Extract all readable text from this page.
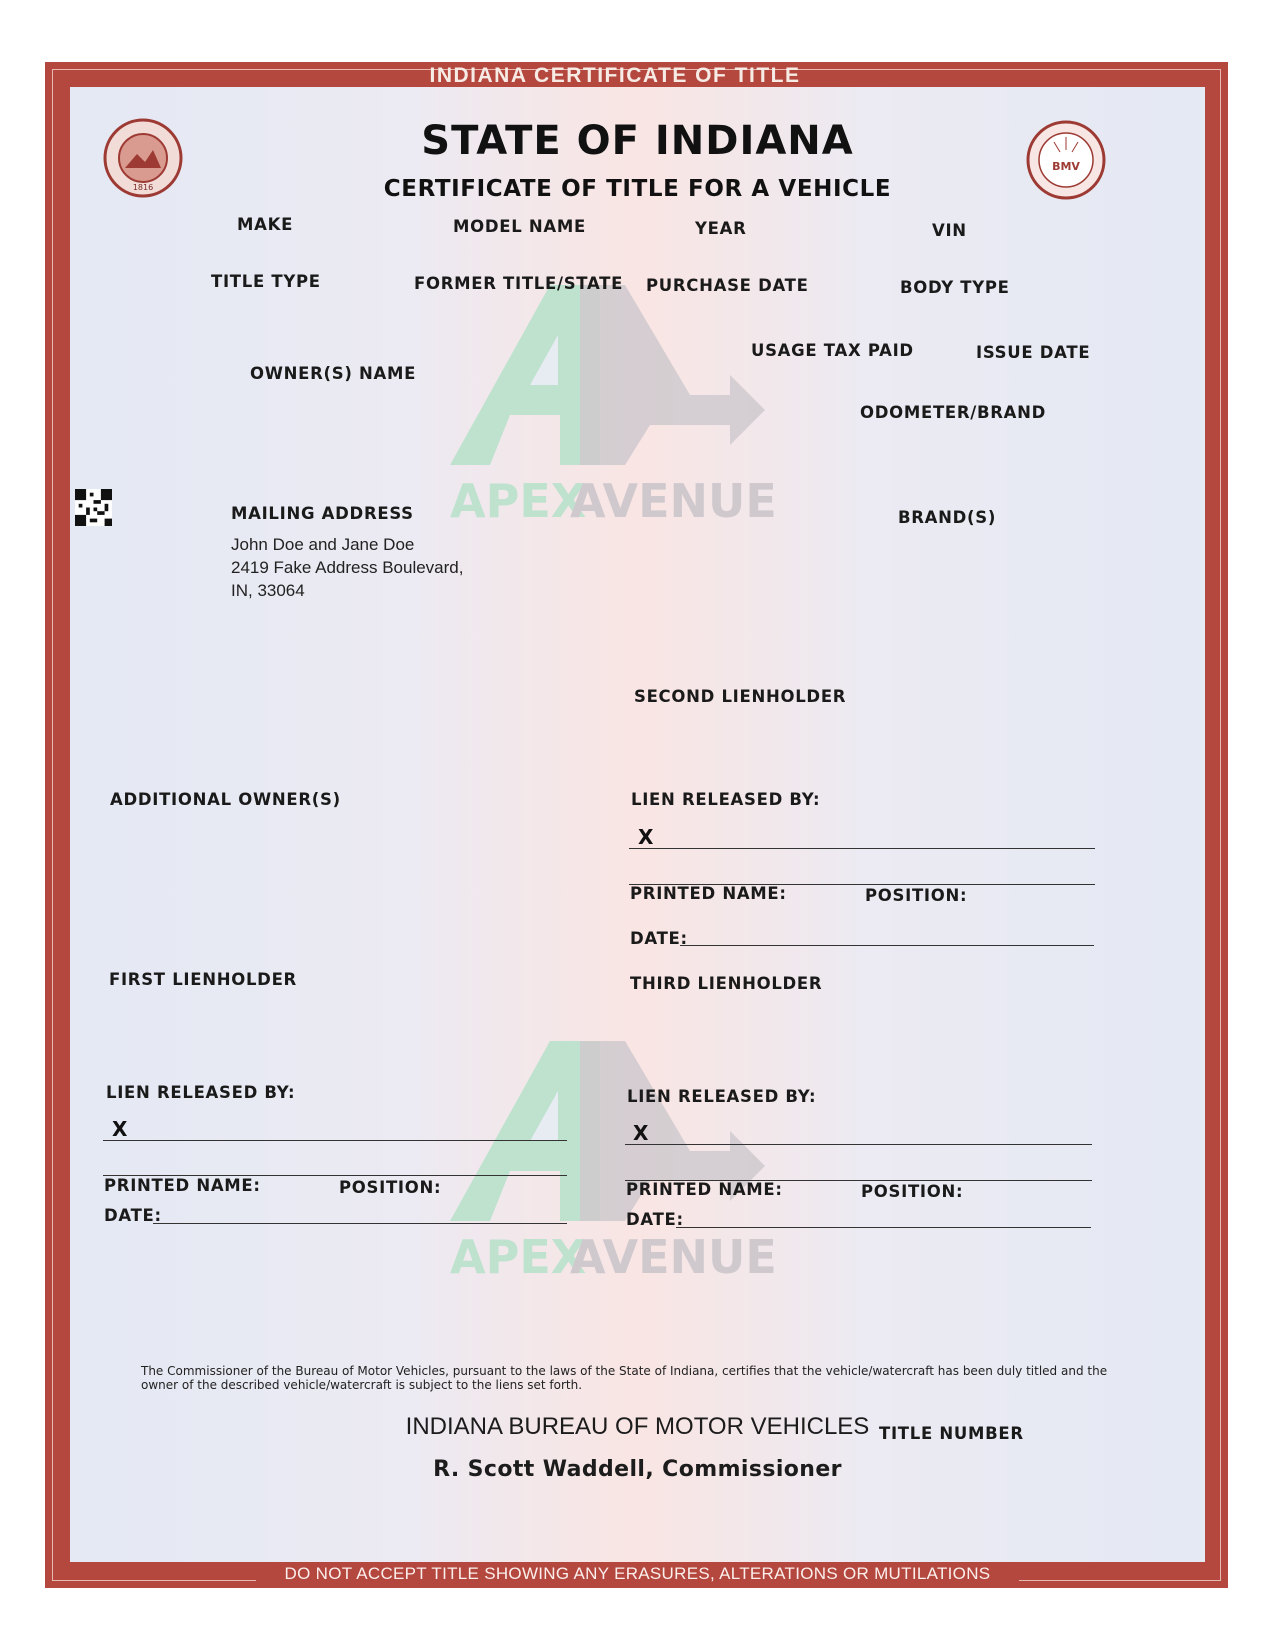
INDIANA CERTIFICATE OF TITLE
APEX
AVENUE
APEX
AVENUE
1816
BMV
STATE OF INDIANA
CERTIFICATE OF TITLE FOR A VEHICLE
MAKE	MODEL NAME	YEAR	VIN
TITLE TYPE	FORMER TITLE/STATE PURCHASE DATE	BODY TYPE
USAGE TAX PAID	ISSUE DATE
OWNER(S) NAME
ODOMETER/BRAND
MAILING ADDRESS	BRAND(S)
John Doe and Jane Doe
2419 Fake Address Boulevard,
IN, 33064
SECOND LIENHOLDER
ADDITIONAL OWNER(S)	LIEN RELEASED BY:
X
PRINTED NAME:	POSITION:
DATE:
FIRST LIENHOLDER	THIRD LIENHOLDER
LIEN RELEASED BY:
X
PRINTED NAME:	POSITION:
DATE:
LIEN RELEASED BY:
X
PRINTED NAME:	POSITION:
DATE:
The Commissioner of the Bureau of Motor Vehicles, pursuant to the laws of the State of Indiana, certifies that the vehicle/watercraft has been duly titled and the owner of the described vehicle/watercraft is subject to the liens set forth.
INDIANA BUREAU OF MOTOR VEHICLES
R. Scott Waddell, Commissioner
TITLE NUMBER
DO NOT ACCEPT TITLE SHOWING ANY ERASURES, ALTERATIONS OR MUTILATIONS
